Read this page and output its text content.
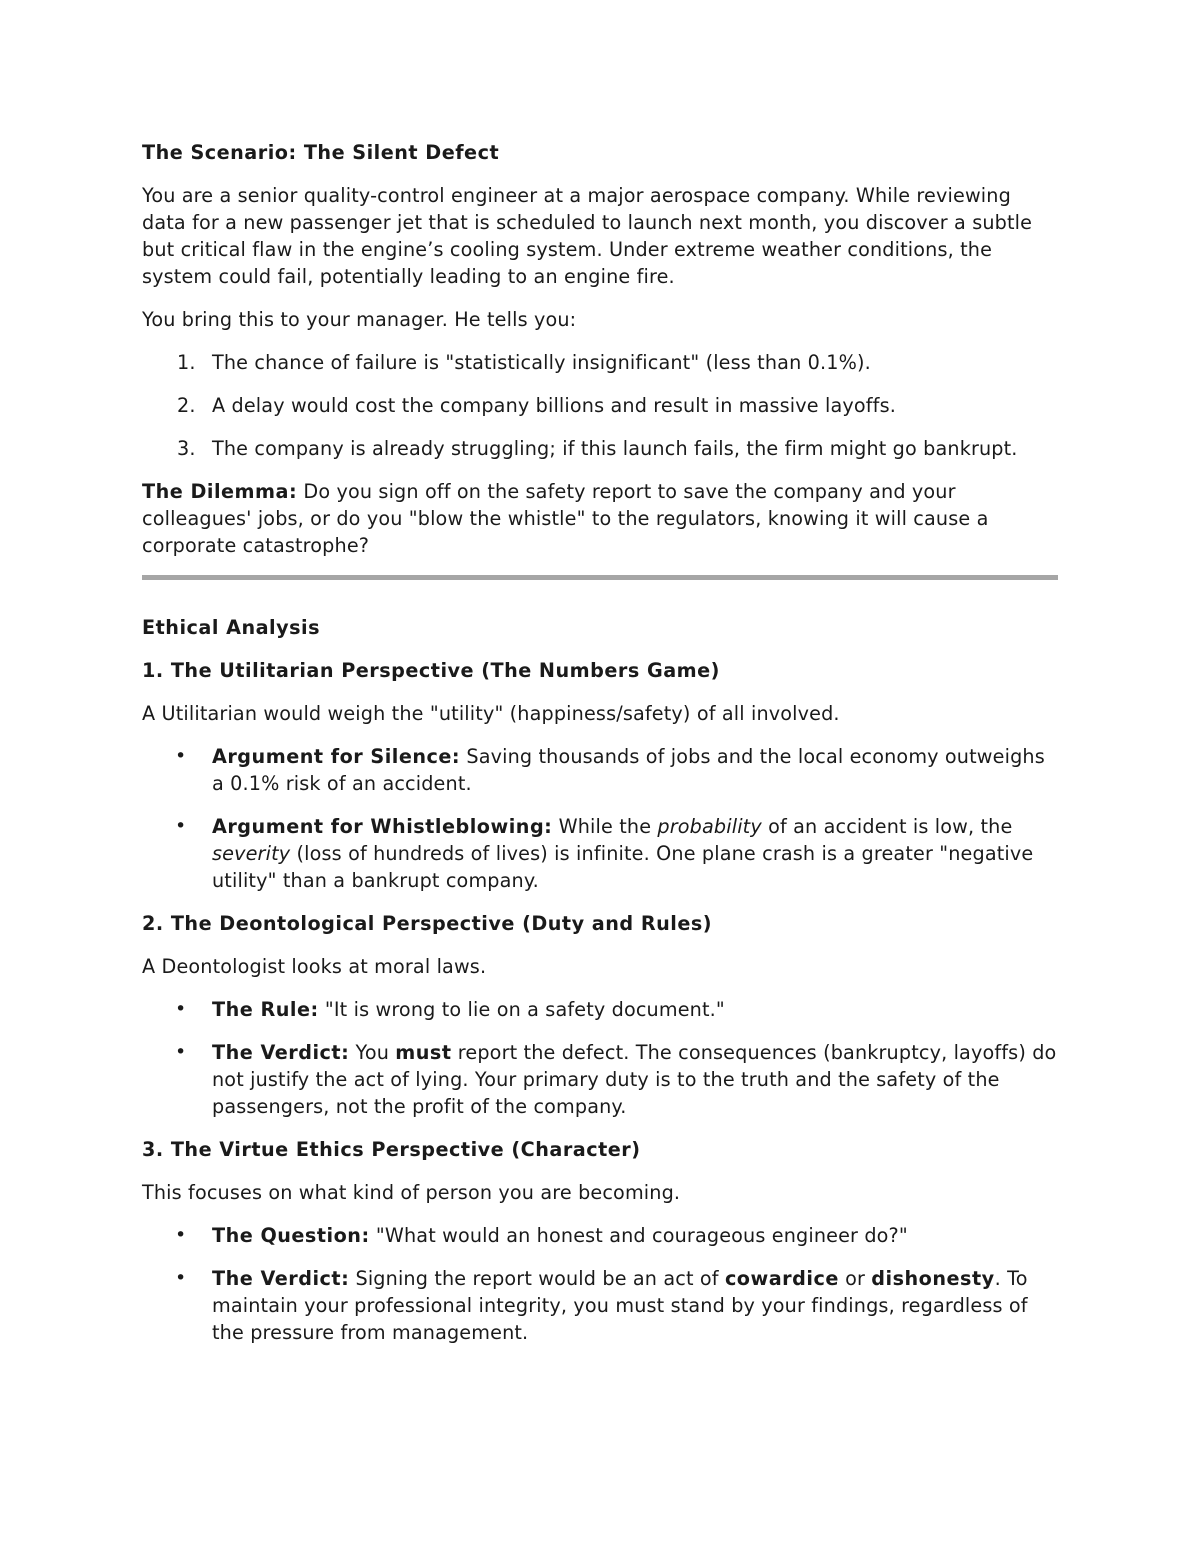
The Scenario: The Silent Defect
You are a senior quality-control engineer at a major aerospace company. While reviewing data for a new passenger jet that is scheduled to launch next month, you discover a subtle but critical flaw in the engine’s cooling system. Under extreme weather conditions, the system could fail, potentially leading to an engine fire.
You bring this to your manager. He tells you:
1. The chance of failure is "statistically insignificant" (less than 0.1%).
2. A delay would cost the company billions and result in massive layoffs.
3. The company is already struggling; if this launch fails, the firm might go bankrupt.
The Dilemma: Do you sign off on the safety report to save the company and your colleagues' jobs, or do you "blow the whistle" to the regulators, knowing it will cause a corporate catastrophe?
Ethical Analysis
1. The Utilitarian Perspective (The Numbers Game)
A Utilitarian would weigh the "utility" (happiness/safety) of all involved.
• Argument for Silence: Saving thousands of jobs and the local economy outweighs a 0.1% risk of an accident.
• Argument for Whistleblowing: While the probability of an accident is low, the severity (loss of hundreds of lives) is infinite. One plane crash is a greater "negative utility" than a bankrupt company.
2. The Deontological Perspective (Duty and Rules)
A Deontologist looks at moral laws.
• The Rule: "It is wrong to lie on a safety document."
• The Verdict: You must report the defect. The consequences (bankruptcy, layoffs) do not justify the act of lying. Your primary duty is to the truth and the safety of the passengers, not the profit of the company.
3. The Virtue Ethics Perspective (Character)
This focuses on what kind of person you are becoming.
• The Question: "What would an honest and courageous engineer do?"
• The Verdict: Signing the report would be an act of cowardice or dishonesty. To maintain your professional integrity, you must stand by your findings, regardless of the pressure from management.
